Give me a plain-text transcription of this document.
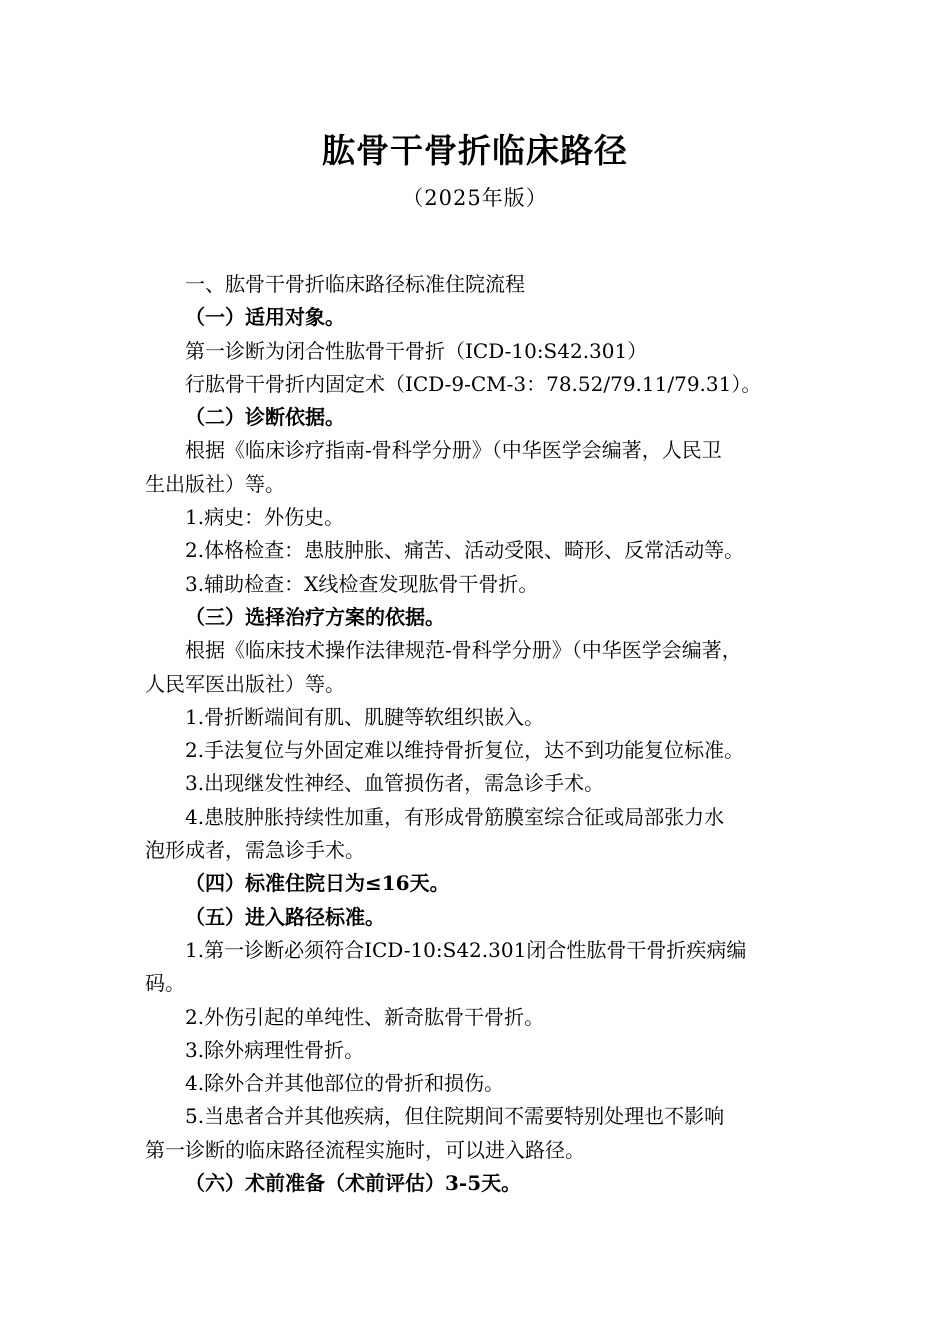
肱骨干骨折临床路径
（2025年版）

一、肱骨干骨折临床路径标准住院流程

（一）适用对象。

第一诊断为闭合性肱骨干骨折（ICD-10:S42.301）

行肱骨干骨折内固定术（ICD-9-CM-3：78.52/79.11/79.31）。

（二）诊断依据。

根据《临床诊疗指南-骨科学分册》（中华医学会编著，人民卫
生出版社）等。

1.病史：外伤史。

2.体格检查：患肢肿胀、痛苦、活动受限、畸形、反常活动等。

3.辅助检查：X线检查发现肱骨干骨折。

（三）选择治疗方案的依据。

根据《临床技术操作法律规范-骨科学分册》（中华医学会编著，
人民军医出版社）等。

1.骨折断端间有肌、肌腱等软组织嵌入。

2.手法复位与外固定难以维持骨折复位，达不到功能复位标准。

3.出现继发性神经、血管损伤者，需急诊手术。

4.患肢肿胀持续性加重，有形成骨筋膜室综合征或局部张力水
泡形成者，需急诊手术。

（四）标准住院日为≤16天。

（五）进入路径标准。

1.第一诊断必须符合ICD-10:S42.301闭合性肱骨干骨折疾病编
码。

2.外伤引起的单纯性、新奇肱骨干骨折。

3.除外病理性骨折。

4.除外合并其他部位的骨折和损伤。

5.当患者合并其他疾病，但住院期间不需要特别处理也不影响
第一诊断的临床路径流程实施时，可以进入路径。

（六）术前准备（术前评估）3-5天。
